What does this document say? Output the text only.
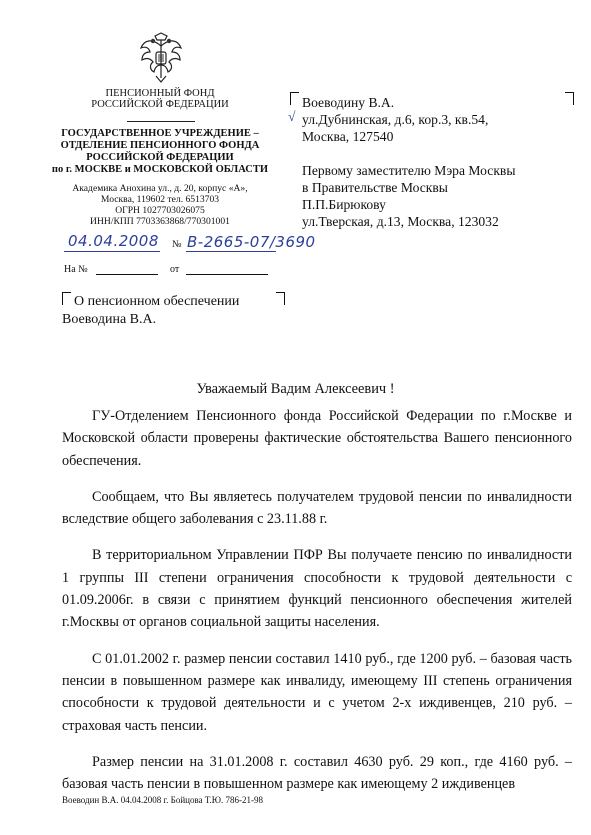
ПЕНСИОННЫЙ ФОНД
РОССИЙСКОЙ ФЕДЕРАЦИИ
ГОСУДАРСТВЕННОЕ УЧРЕЖДЕНИЕ –
ОТДЕЛЕНИЕ ПЕНСИОННОГО ФОНДА
РОССИЙСКОЙ ФЕДЕРАЦИИ
по г. МОСКВЕ и МОСКОВСКОЙ ОБЛАСТИ
Академика Анохина ул., д. 20, корпус «А»,
Москва, 119602 тел. 6513703
ОГРН 1027703026075
ИНН/КПП 7703363868/770301001
04.04.2008 № В-2665-07/3690
На №	от
√
Воеводину В.А.
ул.Дубнинская, д.6, кор.3, кв.54,
Москва, 127540
Первому заместителю Мэра Москвы
в Правительстве Москвы
П.П.Бирюкову
ул.Тверская, д.13, Москва, 123032
О пенсионном обеспечении
Воеводина В.А.
Уважаемый Вадим Алексеевич !

ГУ-Отделением Пенсионного фонда Российской Федерации по г.Москве и Московской области проверены фактические обстоятельства Вашего пенсионного обеспечения.

Сообщаем, что Вы являетесь получателем трудовой пенсии по инвалидности вследствие общего заболевания с 23.11.88 г.

В территориальном Управлении ПФР Вы получаете пенсию по инвалидности 1 группы III степени ограничения способности к трудовой деятельности с 01.09.2006г. в связи с принятием функций пенсионного обеспечения жителей г.Москвы от органов социальной защиты населения.

С 01.01.2002 г. размер пенсии составил 1410 руб., где 1200 руб. – базовая часть пенсии в повышенном размере как инвалиду, имеющему III степень ограничения способности к трудовой деятельности и с учетом 2-х иждивенцев, 210 руб. – страховая часть пенсии.

Размер пенсии на 31.01.2008 г. составил 4630 руб. 29 коп., где 4160 руб. – базовая часть пенсии в повышенном размере как имеющему 2 иждивенцев

Воеводин В.А. 04.04.2008 г. Бойцова Т.Ю. 786-21-98
